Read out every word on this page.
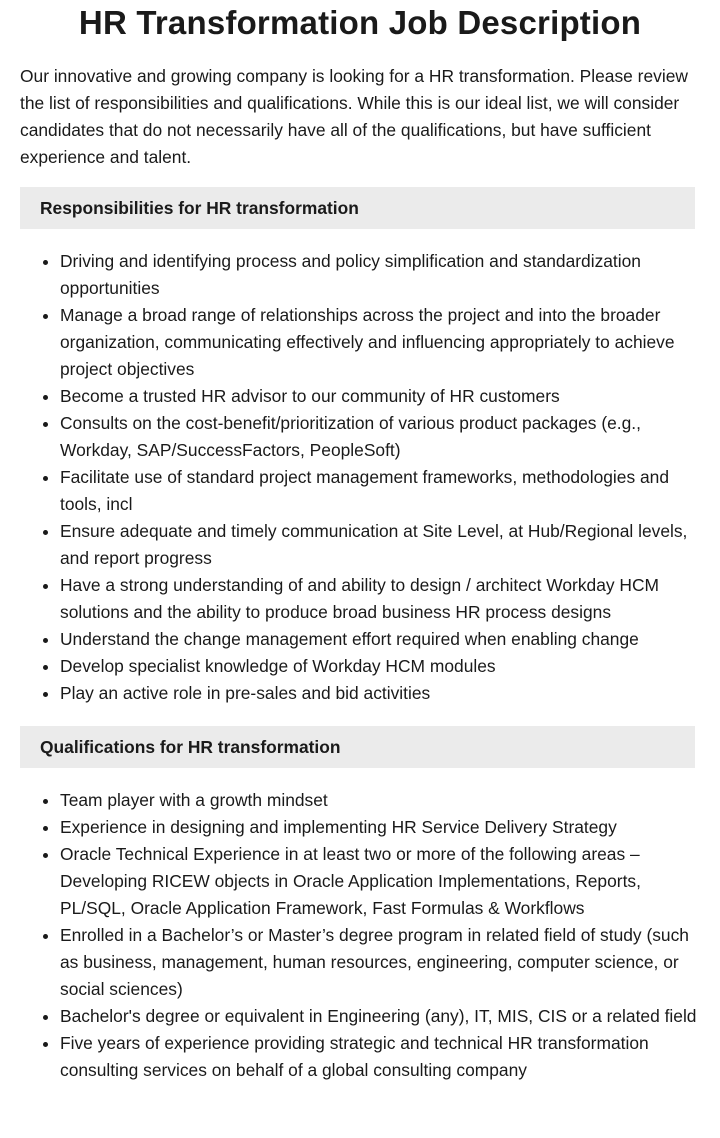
HR Transformation Job Description

Our innovative and growing company is looking for a HR transformation. Please review the list of responsibilities and qualifications. While this is our ideal list, we will consider candidates that do not necessarily have all of the qualifications, but have sufficient experience and talent.

Responsibilities for HR transformation
• Driving and identifying process and policy simplification and standardization opportunities
• Manage a broad range of relationships across the project and into the broader organization, communicating effectively and influencing appropriately to achieve project objectives
• Become a trusted HR advisor to our community of HR customers
• Consults on the cost-benefit/prioritization of various product packages (e.g., Workday, SAP/SuccessFactors, PeopleSoft)
• Facilitate use of standard project management frameworks, methodologies and tools, incl
• Ensure adequate and timely communication at Site Level, at Hub/Regional levels, and report progress
• Have a strong understanding of and ability to design / architect Workday HCM solutions and the ability to produce broad business HR process designs
• Understand the change management effort required when enabling change
• Develop specialist knowledge of Workday HCM modules
• Play an active role in pre-sales and bid activities
Qualifications for HR transformation
• Team player with a growth mindset
• Experience in designing and implementing HR Service Delivery Strategy
• Oracle Technical Experience in at least two or more of the following areas – Developing RICEW objects in Oracle Application Implementations, Reports, PL/SQL, Oracle Application Framework, Fast Formulas & Workflows
• Enrolled in a Bachelor’s or Master’s degree program in related field of study (such as business, management, human resources, engineering, computer science, or social sciences)
• Bachelor's degree or equivalent in Engineering (any), IT, MIS, CIS or a related field
• Five years of experience providing strategic and technical HR transformation consulting services on behalf of a global consulting company
